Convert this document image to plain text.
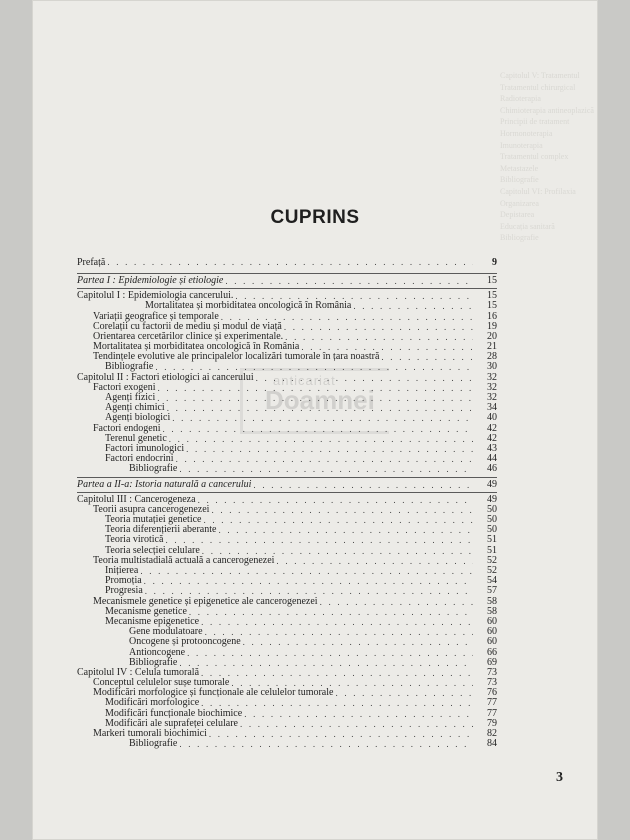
Capitolul V: Tratamentul
Tratamentul chirurgical
Radioterapia
Chimioterapia antineoplazică
Principii de tratament
Hormonoterapia
Imunoterapia
Tratamentul complex
Metastazele
Bibliografie
Capitolul VI: Profilaxia
Organizarea
Depistarea
Educația sanitară
Bibliografie
anticariat
Doamnei
CUPRINS
Prefață . . .	9
Partea I : Epidemiologie și etiologie . . .	15
Capitolul I : Epidemiologia cancerului. . . .	15
Mortalitatea și morbiditatea oncologică în România . . .	15
Variații geografice și temporale . . .	16
Corelații cu factorii de mediu și modul de viață . . .	19
Orientarea cercetărilor clinice și experimentale. . . .	20
Mortalitatea și morbiditatea oncologică în România . . .	21
Tendințele evolutive ale principalelor localizări tumorale în țara noastră . . .	28
Bibliografie . . .	30
Capitolul II : Factori etiologici ai cancerului . . .	32
Factori exogeni . . .	32
Agenți fizici . . .	32
Agenți chimici . . .	34
Agenți biologici . . .	40
Factori endogeni . . .	42
Terenul genetic . . .	42
Factori imunologici . . .	43
Factori endocrini . . .	44
Bibliografie . . .	46
Partea a II-a: Istoria naturală a cancerului . . .	49
Capitolul III : Cancerogeneza . . .	49
Teorii asupra cancerogenezei . . .	50
Teoria mutației genetice . . .	50
Teoria diferențierii aberante . . .	50
Teoria virotică . . .	51
Teoria selecției celulare . . .	51
Teoria multistadială actuală a cancerogenezei . . .	52
Inițierea . . .	52
Promoția . . .	54
Progresia . . .	57
Mecanismele genetice și epigenetice ale cancerogenezei . . .	58
Mecanisme genetice . . .	58
Mecanisme epigenetice . . .	60
Gene modulatoare . . .	60
Oncogene și protooncogene . . .	60
Antioncogene . . .	66
Bibliografie . . .	69
Capitolul IV : Celula tumorală . . .	73
Conceptul celulelor sușe tumorale . . .	73
Modificări morfologice și funcționale ale celulelor tumorale . . .	76
Modificări morfologice . . .	77
Modificări funcționale biochimice . . .	77
Modificări ale suprafeței celulare . . .	79
Markeri tumorali biochimici . . .	82
Bibliografie . . .	84
3
